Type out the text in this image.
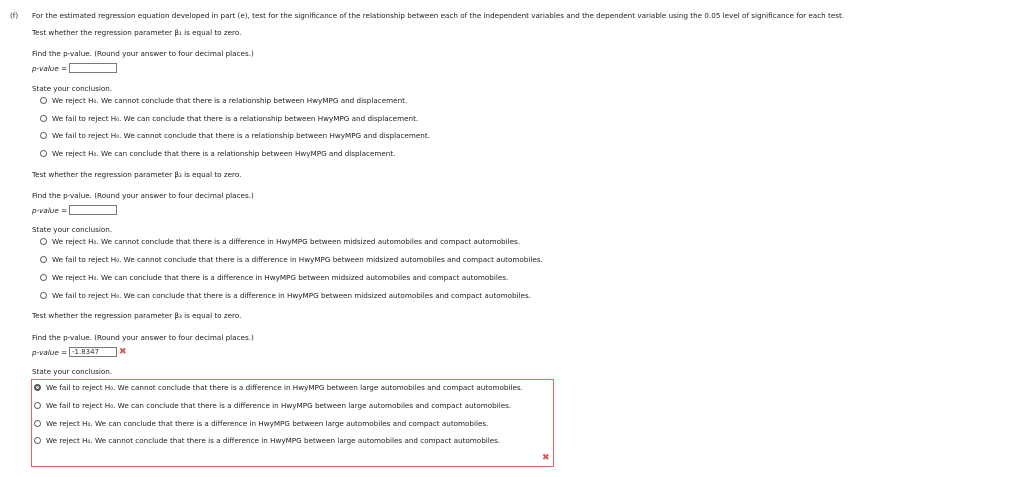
(f) For the estimated regression equation developed in part (e), test for the significance of the relationship between each of the independent variables and the dependent variable using the 0.05 level of significance for each test.
Test whether the regression parameter β₁ is equal to zero.
Find the p-value. (Round your answer to four decimal places.)
p-value =
State your conclusion.
We reject H₀. We cannot conclude that there is a relationship between HwyMPG and displacement.
We fail to reject H₀. We can conclude that there is a relationship between HwyMPG and displacement.
We fail to reject H₀. We cannot conclude that there is a relationship between HwyMPG and displacement.
We reject H₀. We can conclude that there is a relationship between HwyMPG and displacement.
Test whether the regression parameter β₂ is equal to zero.
Find the p-value. (Round your answer to four decimal places.)
p-value =
State your conclusion.
We reject H₀. We cannot conclude that there is a difference in HwyMPG between midsized automobiles and compact automobiles.
We fail to reject H₀. We cannot conclude that there is a difference in HwyMPG between midsized automobiles and compact automobiles.
We reject H₀. We can conclude that there is a difference in HwyMPG between midsized automobiles and compact automobiles.
We fail to reject H₀. We can conclude that there is a difference in HwyMPG between midsized automobiles and compact automobiles.
Test whether the regression parameter β₃ is equal to zero.
Find the p-value. (Round your answer to four decimal places.)
p-value = -1.8347	✖
State your conclusion.
We fail to reject H₀. We cannot conclude that there is a difference in HwyMPG between large automobiles and compact automobiles.
We fail to reject H₀. We can conclude that there is a difference in HwyMPG between large automobiles and compact automobiles.
We reject H₀. We can conclude that there is a difference in HwyMPG between large automobiles and compact automobiles.
We reject H₀. We cannot conclude that there is a difference in HwyMPG between large automobiles and compact automobiles.
✖
